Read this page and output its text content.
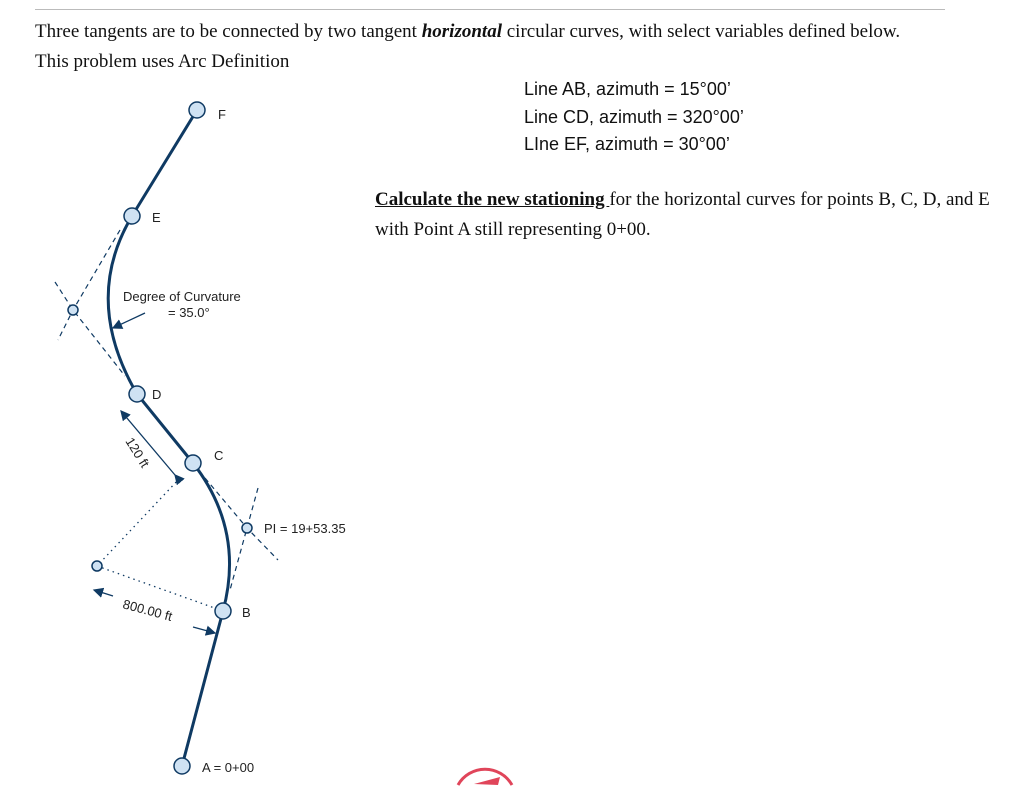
Three tangents are to be connected by two tangent horizontal circular curves, with select variables defined below. This problem uses Arc Definition
Line AB, azimuth = 15°00’
Line CD, azimuth = 320°00’
LIne EF, azimuth = 30°00’
Calculate the new stationing for the horizontal curves for points B, C, D, and E with Point A still representing 0+00.
F
E
D
C
B
A = 0+00
PI = 19+53.35
Degree of Curvature
= 35.0°
800.00 ft
120 ft
